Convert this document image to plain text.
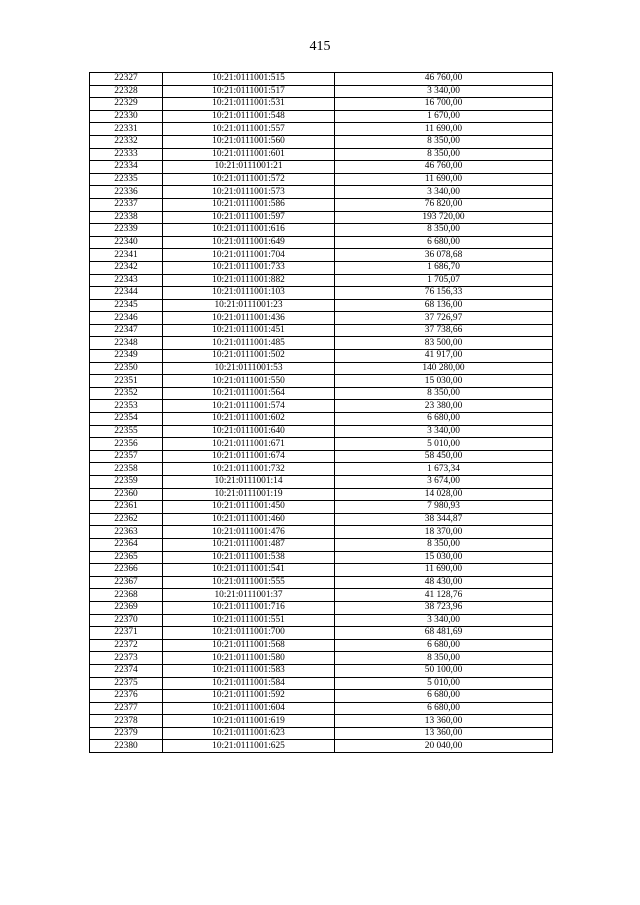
415
22327	10:21:0111001:515	46 760,00
22328	10:21:0111001:517	3 340,00
22329	10:21:0111001:531	16 700,00
22330	10:21:0111001:548	1 670,00
22331	10:21:0111001:557	11 690,00
22332	10:21:0111001:560	8 350,00
22333	10:21:0111001:601	8 350,00
22334	10:21:0111001:21	46 760,00
22335	10:21:0111001:572	11 690,00
22336	10:21:0111001:573	3 340,00
22337	10:21:0111001:586	76 820,00
22338	10:21:0111001:597	193 720,00
22339	10:21:0111001:616	8 350,00
22340	10:21:0111001:649	6 680,00
22341	10:21:0111001:704	36 078,68
22342	10:21:0111001:733	1 686,70
22343	10:21:0111001:882	1 705,07
22344	10:21:0111001:103	76 156,33
22345	10:21:0111001:23	68 136,00
22346	10:21:0111001:436	37 726,97
22347	10:21:0111001:451	37 738,66
22348	10:21:0111001:485	83 500,00
22349	10:21:0111001:502	41 917,00
22350	10:21:0111001:53	140 280,00
22351	10:21:0111001:550	15 030,00
22352	10:21:0111001:564	8 350,00
22353	10:21:0111001:574	23 380,00
22354	10:21:0111001:602	6 680,00
22355	10:21:0111001:640	3 340,00
22356	10:21:0111001:671	5 010,00
22357	10:21:0111001:674	58 450,00
22358	10:21:0111001:732	1 673,34
22359	10:21:0111001:14	3 674,00
22360	10:21:0111001:19	14 028,00
22361	10:21:0111001:450	7 980,93
22362	10:21:0111001:460	38 344,87
22363	10:21:0111001:476	18 370,00
22364	10:21:0111001:487	8 350,00
22365	10:21:0111001:538	15 030,00
22366	10:21:0111001:541	11 690,00
22367	10:21:0111001:555	48 430,00
22368	10:21:0111001:37	41 128,76
22369	10:21:0111001:716	38 723,96
22370	10:21:0111001:551	3 340,00
22371	10:21:0111001:700	68 481,69
22372	10:21:0111001:568	6 680,00
22373	10:21:0111001:580	8 350,00
22374	10:21:0111001:583	50 100,00
22375	10:21:0111001:584	5 010,00
22376	10:21:0111001:592	6 680,00
22377	10:21:0111001:604	6 680,00
22378	10:21:0111001:619	13 360,00
22379	10:21:0111001:623	13 360,00
22380	10:21:0111001:625	20 040,00
